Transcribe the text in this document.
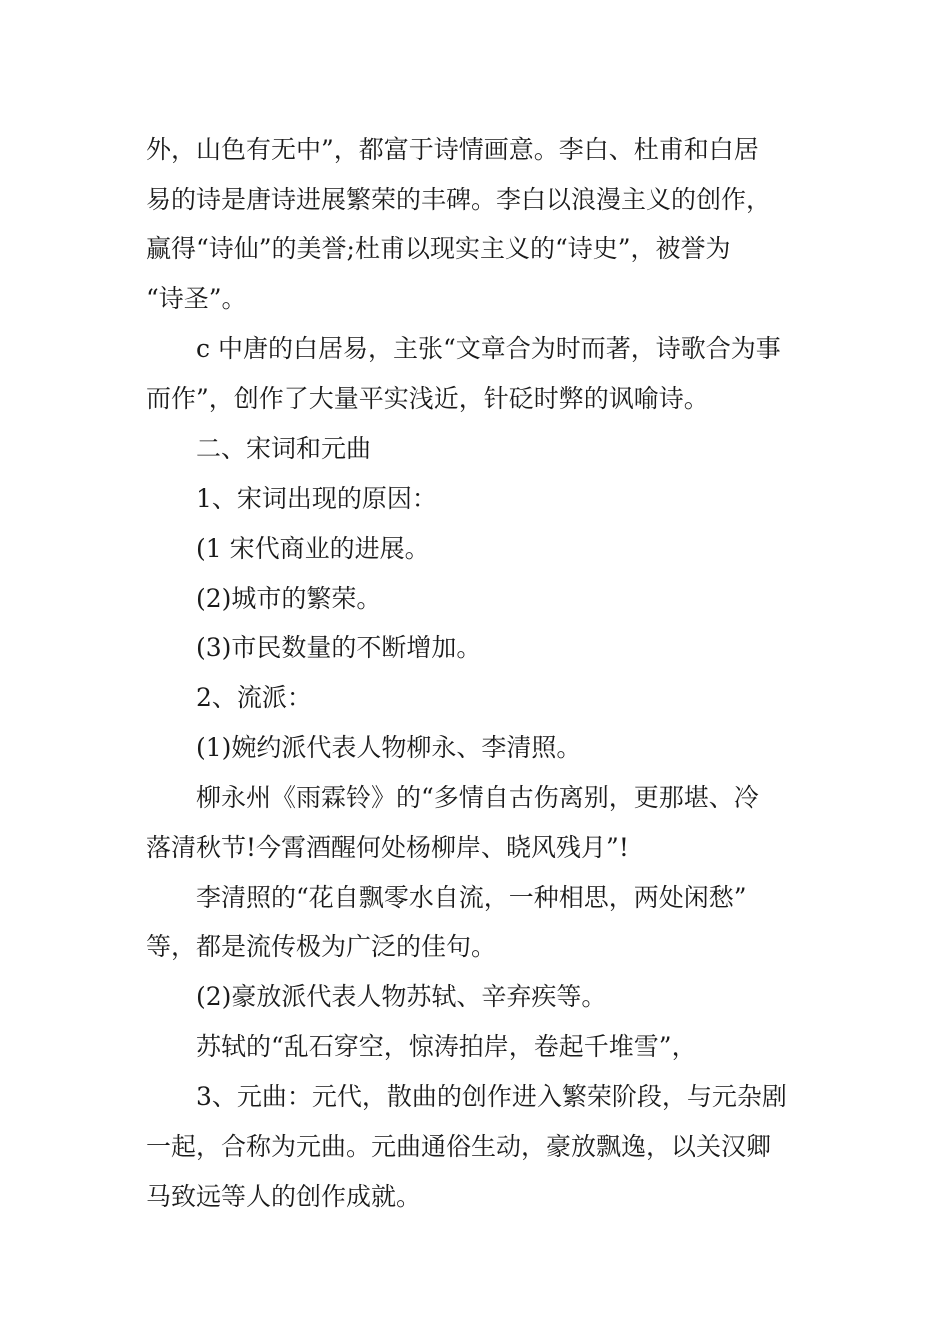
外，山色有无中”，都富于诗情画意。李白、杜甫和白居

易的诗是唐诗进展繁荣的丰碑。李白以浪漫主义的创作，

赢得“诗仙”的美誉;杜甫以现实主义的“诗史”，被誉为

“诗圣”。

c 中唐的白居易，主张“文章合为时而著，诗歌合为事

而作”，创作了大量平实浅近，针砭时弊的讽喻诗。

二、宋词和元曲

1、宋词出现的原因：

(1 宋代商业的进展。

(2)城市的繁荣。

(3)市民数量的不断增加。

2、流派：

(1)婉约派代表人物柳永、李清照。

柳永州《雨霖铃》的“多情自古伤离别，更那堪、冷

落清秋节!今霄酒醒何处杨柳岸、晓风残月”!

李清照的“花自飘零水自流，一种相思，两处闲愁”

等，都是流传极为广泛的佳句。

(2)豪放派代表人物苏轼、辛弃疾等。

苏轼的“乱石穿空，惊涛拍岸，卷起千堆雪”，

3、元曲：元代，散曲的创作进入繁荣阶段，与元杂剧

一起，合称为元曲。元曲通俗生动，豪放飘逸，以关汉卿

马致远等人的创作成就。
